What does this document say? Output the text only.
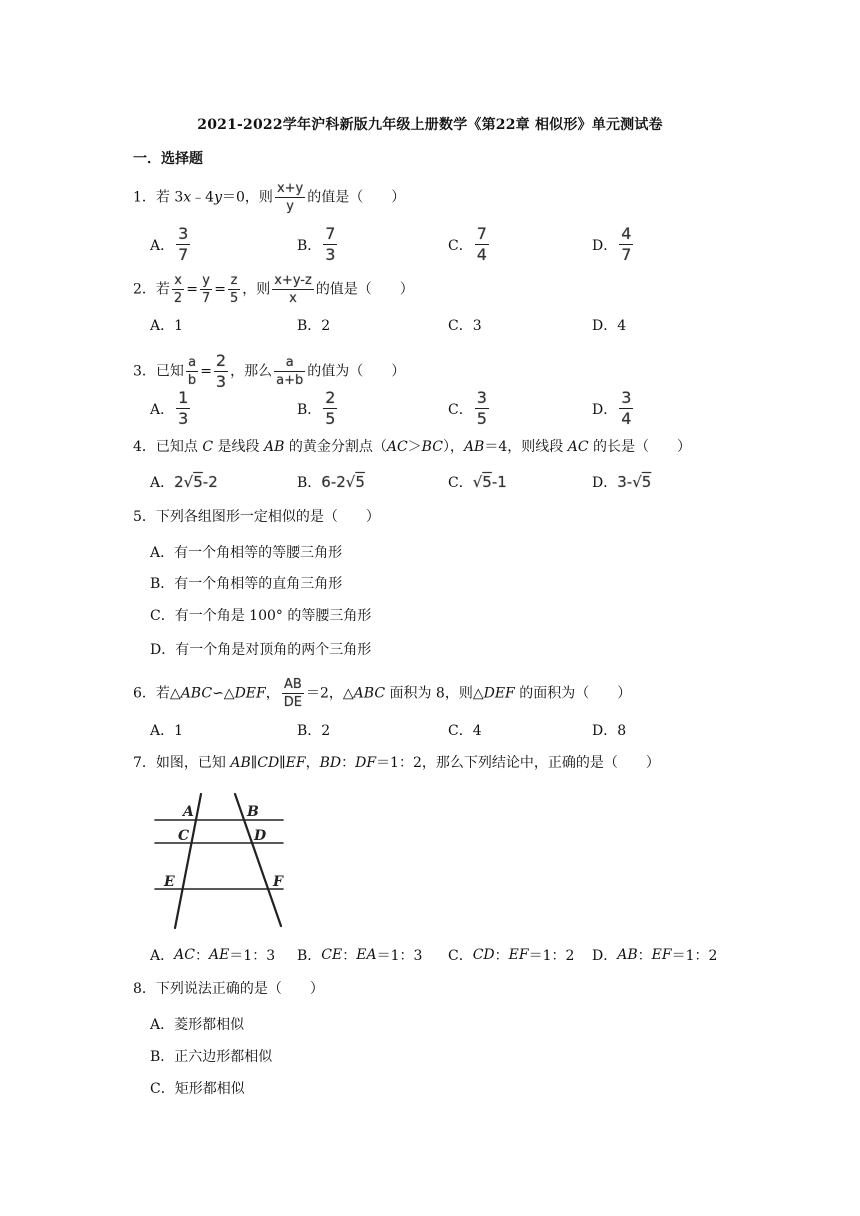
2021-2022学年沪科新版九年级上册数学《第22章 相似形》单元测试卷
一．选择题
1．若 3x﹣4y＝0，则 $\frac{x+y}{y}$ 的值是（　　）
A． $\frac{3}{7}$	B． $\frac{7}{3}$	C． $\frac{7}{4}$	D． $\frac{4}{7}$
2．若 $\frac{x}{2} = \frac{y}{7} = \frac{z}{5}$ ，则 $\frac{x+y-z}{x}$ 的值是（　　）
A．1	B．2	C．3	D．4
3．已知 $\frac{a}{b} = \frac{2}{3}$ ，那么 $\frac{a}{a+b}$ 的值为（　　）
A． $\frac{1}{3}$	B． $\frac{2}{5}$	C． $\frac{3}{5}$	D． $\frac{3}{4}$
4．已知点 C 是线段 AB 的黄金分割点（AC＞BC），AB＝4，则线段 AC 的长是（　　）
A． 2√5-2	B． 6-2√5	C． √5-1	D． 3-√5
5．下列各组图形一定相似的是（　　）
A．有一个角相等的等腰三角形
B．有一个角相等的直角三角形
C．有一个角是 100° 的等腰三角形
D．有一个角是对顶角的两个三角形
6．若△ABC∽△DEF， $\frac{AB}{DE} =2$，△ABC 面积为 8，则△DEF 的面积为（　　）
A．1	B．2	C．4	D．8
7．如图，已知 AB∥CD∥EF，BD：DF＝1：2，那么下列结论中，正确的是（　　）
A	B
C	D
E	F
A． AC ： AE ＝1：3 B． CE ： EA ＝1：3 C． CD ： EF ＝1：2 D． AB ： EF ＝1：2
8．下列说法正确的是（　　）
A．菱形都相似
B．正六边形都相似
C．矩形都相似
